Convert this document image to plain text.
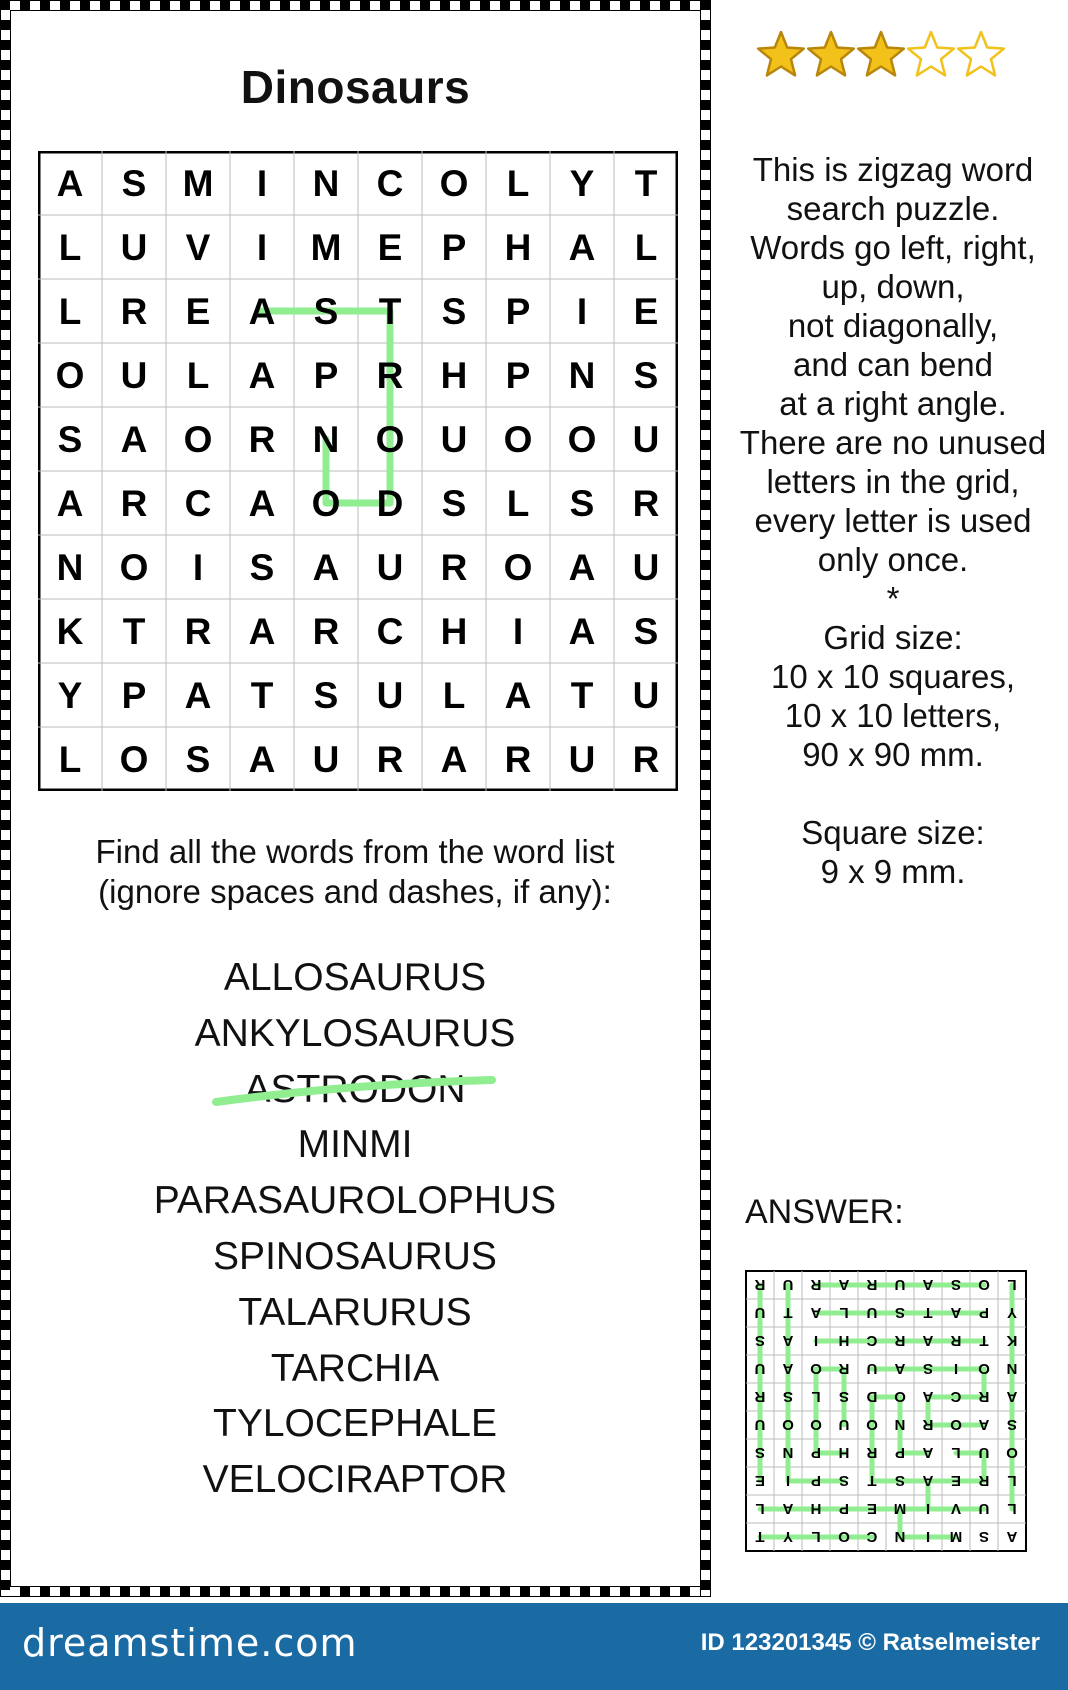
Dinosaurs
A S M I N C O L Y T
L U V I M E P H A L
L R E A S T S P I E
O U L A P R H P N S
S A O R N O U O O U
A R C A O D S L S R
N O I S A U R O A U
K T R A R C H I A S
Y P A T S U L A T U
L O S A U R A R U R
Find all the words from the word list
(ignore spaces and dashes, if any):
ALLOSAURUS
ANKYLOSAURUS
ASTRODON
MINMI
PARASAUROLOPHUS
SPINOSAURUS
TALARURUS
TARCHIA
TYLOCEPHALE
VELOCIRAPTOR
This is zigzag word
search puzzle.
Words go left, right,
up, down,
not diagonally,
and can bend
at a right angle.
There are no unused
letters in the grid,
every letter is used
only once.
*
Grid size:
10 x 10 squares,
10 x 10 letters,
90 x 90 mm.
Square size:
9 x 9 mm.
ANSWER:
A
S
M
I
N
C
O
L
Y
T
L
U
V
I
M
E
P
H
A
L
L
R
E
A
S
T
S
P
I
E
O
U
L
A
P
R
H
P
N
S
S
A
O
R
N
O
U
O
O
U
A
R
C
A
O
D
S
L
S
R
N
O
I
S
A
U
R
O
A
U
K
T
R
A
R
C
H
I
A
S
Y
P
A
T
S
U
L
A
T
U
L
O
S
A
U
R
A
R
U
R
dreamstime.com	ID 123201345 © Ratselmeister
